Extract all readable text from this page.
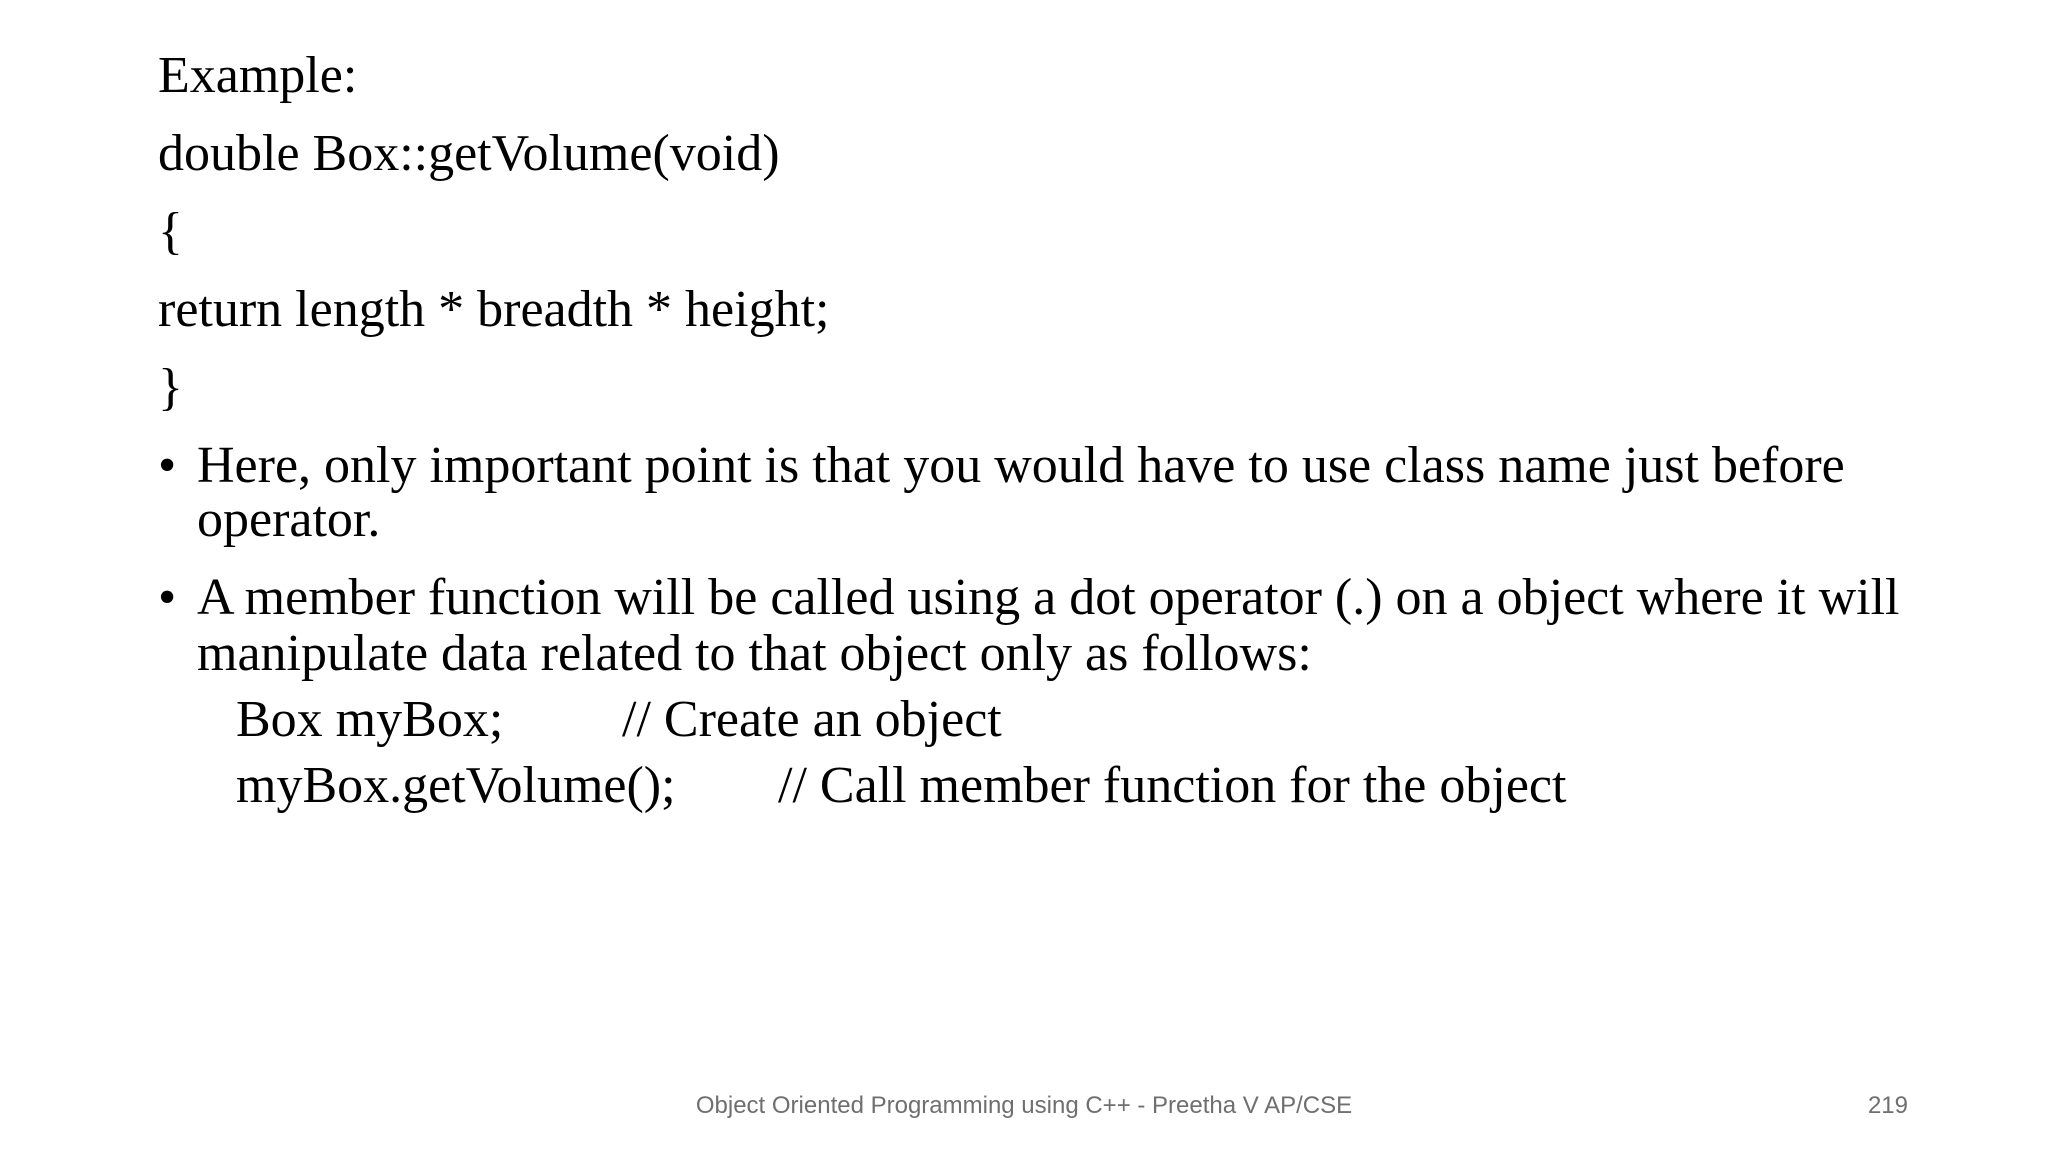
Example:
double Box::getVolume(void)
{
return length * breadth * height;
}
• Here, only important point is that you would have to use class name just before
operator.
• A member function will be called using a dot operator (.) on a object where it will
manipulate data related to that object only as follows:
Box myBox; // Create an object
myBox.getVolume(); // Call member function for the object
Object Oriented Programming using C++ - Preetha V AP/CSE	219
